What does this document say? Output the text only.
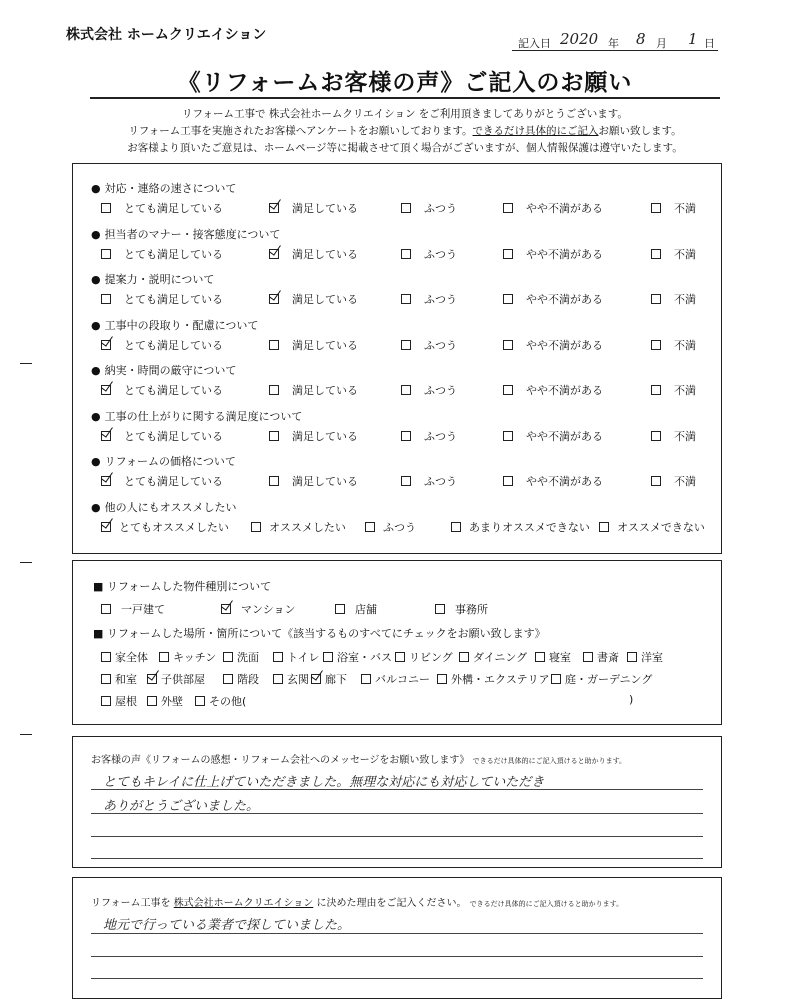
株式会社 ホームクリエイション
記入日 2020 年 8 月 1 日
《リフォームお客様の声》ご記入のお願い
リフォーム工事で 株式会社ホームクリエイション をご利用頂きましてありがとうございます。
リフォーム工事を実施されたお客様へアンケートをお願いしております。できるだけ具体的にご記入お願い致します。
お客様より頂いたご意見は、ホームページ等に掲載させて頂く場合がございますが、個人情報保護は遵守いたします。
● 対応・連絡の速さについて
とても満足している	満足している	ふつう	やや不満がある	不満
● 担当者のマナー・接客態度について
とても満足している	満足している	ふつう	やや不満がある	不満
● 提案力・説明について
とても満足している	満足している	ふつう	やや不満がある	不満
● 工事中の段取り・配慮について
とても満足している	満足している	ふつう	やや不満がある	不満
● 納実・時間の厳守について
とても満足している	満足している	ふつう	やや不満がある	不満
● 工事の仕上がりに関する満足度について
とても満足している	満足している	ふつう	やや不満がある	不満
● リフォームの価格について
とても満足している	満足している	ふつう	やや不満がある	不満
● 他の人にもオススメしたい
とてもオススメしたい	オススメしたい	ふつう	あまりオススメできない	オススメできない
■ リフォームした物件種別について
一戸建て	マンション	店舗	事務所
■ リフォームした場所・箇所について《該当するものすべてにチェックをお願い致します》
家全体	キッチン	洗面	トイレ	浴室・バス	リビング	ダイニング	寝室	書斎	洋室
和室	子供部屋	階段	玄関	廊下	バルコニー	外構・エクステリア	庭・ガーデニング
屋根	外壁	その他(	)
お客様の声《リフォームの感想・リフォーム会社へのメッセージをお願い致します》 できるだけ具体的にご記入頂けると助かります。
とてもキレイに仕上げていただきました。無理な対応にも対応していただき
ありがとうございました。
リフォーム工事を 株式会社ホームクリエイション に決めた理由をご記入ください。 できるだけ具体的にご記入頂けると助かります。
地元で行っている業者で探していました。
